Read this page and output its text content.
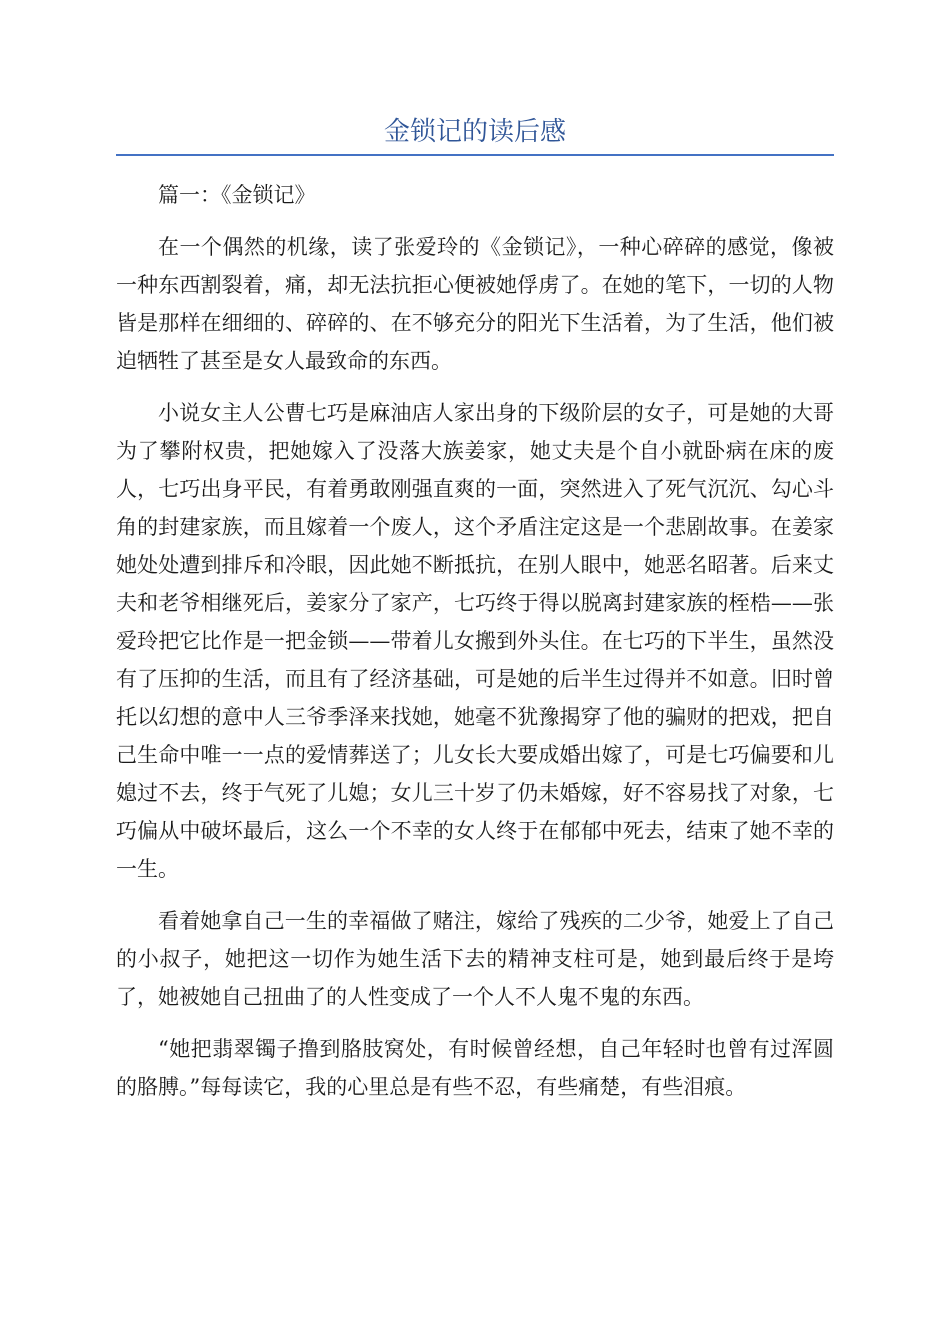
金锁记的读后感

篇一：《金锁记》

在一个偶然的机缘，读了张爱玲的《金锁记》，一种心碎碎的感觉，像被一种东西割裂着，痛，却无法抗拒心便被她俘虏了。在她的笔下，一切的人物皆是那样在细细的、碎碎的、在不够充分的阳光下生活着，为了生活，他们被迫牺牲了甚至是女人最致命的东西。

小说女主人公曹七巧是麻油店人家出身的下级阶层的女子，可是她的大哥为了攀附权贵，把她嫁入了没落大族姜家，她丈夫是个自小就卧病在床的废人，七巧出身平民，有着勇敢刚强直爽的一面，突然进入了死气沉沉、勾心斗角的封建家族，而且嫁着一个废人，这个矛盾注定这是一个悲剧故事。在姜家她处处遭到排斥和冷眼，因此她不断抵抗，在别人眼中，她恶名昭著。后来丈夫和老爷相继死后，姜家分了家产，七巧终于得以脱离封建家族的桎梏——张爱玲把它比作是一把金锁——带着儿女搬到外头住。在七巧的下半生，虽然没有了压抑的生活，而且有了经济基础，可是她的后半生过得并不如意。旧时曾托以幻想的意中人三爷季泽来找她，她毫不犹豫揭穿了他的骗财的把戏，把自己生命中唯一一点的爱情葬送了；儿女长大要成婚出嫁了，可是七巧偏要和儿媳过不去，终于气死了儿媳；女儿三十岁了仍未婚嫁，好不容易找了对象，七巧偏从中破坏最后，这么一个不幸的女人终于在郁郁中死去，结束了她不幸的一生。

看着她拿自己一生的幸福做了赌注，嫁给了残疾的二少爷，她爱上了自己的小叔子，她把这一切作为她生活下去的精神支柱可是，她到最后终于是垮了，她被她自己扭曲了的人性变成了一个人不人鬼不鬼的东西。

“她把翡翠镯子撸到胳肢窝处，有时候曾经想，自己年轻时也曾有过浑圆的胳膊。”每每读它，我的心里总是有些不忍，有些痛楚，有些泪痕。
